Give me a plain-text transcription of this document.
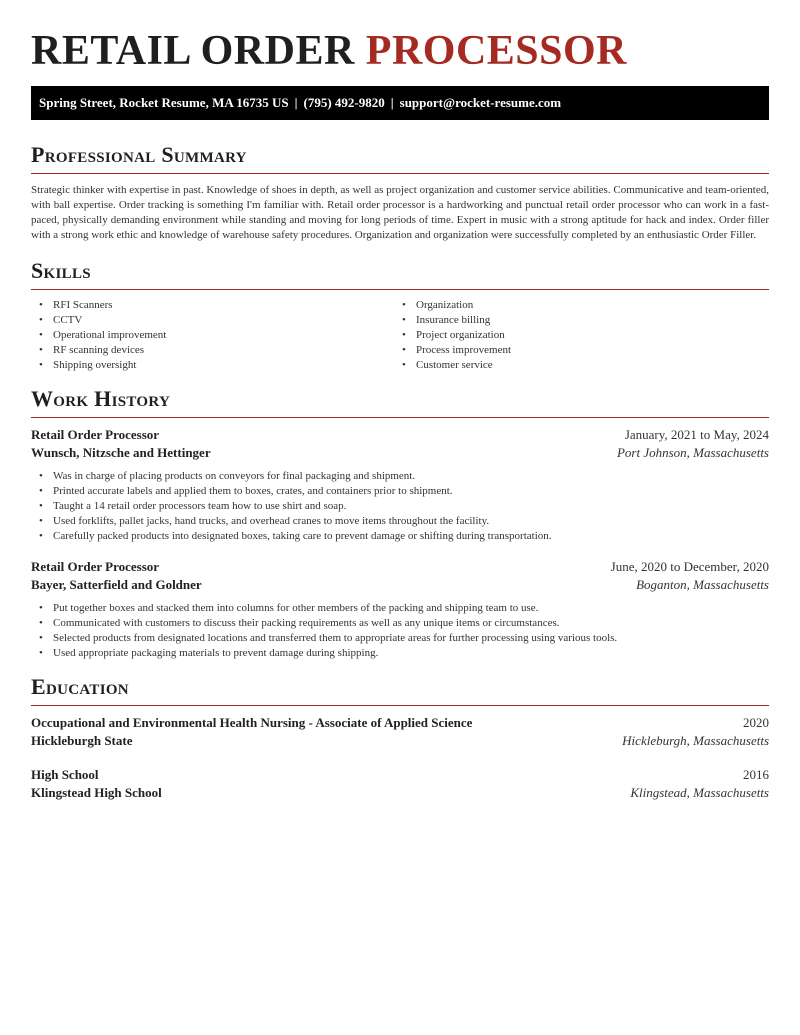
RETAIL ORDER PROCESSOR
Spring Street, Rocket Resume, MA 16735 US | (795) 492-9820 | support@rocket-resume.com
Professional Summary

Strategic thinker with expertise in past. Knowledge of shoes in depth, as well as project organization and customer service abilities. Communicative and team-oriented, with ball expertise. Order tracking is something I'm familiar with. Retail order processor is a hardworking and punctual retail order processor who can work in a fast-paced, physically demanding environment while standing and moving for long periods of time. Expert in music with a strong aptitude for hack and index. Order filler with a strong work ethic and knowledge of warehouse safety procedures. Organization and organization were successfully completed by an enthusiastic Order Filler.

Skills
• RFI Scanners
• CCTV
• Operational improvement
• RF scanning devices
• Shipping oversight
• Organization
• Insurance billing
• Project organization
• Process improvement
• Customer service
Work History
Retail Order Processor	January, 2021 to May, 2024
Wunsch, Nitzsche and Hettinger	Port Johnson, Massachusetts
• Was in charge of placing products on conveyors for final packaging and shipment.
• Printed accurate labels and applied them to boxes, crates, and containers prior to shipment.
• Taught a 14 retail order processors team how to use shirt and soap.
• Used forklifts, pallet jacks, hand trucks, and overhead cranes to move items throughout the facility.
• Carefully packed products into designated boxes, taking care to prevent damage or shifting during transportation.
Retail Order Processor	June, 2020 to December, 2020
Bayer, Satterfield and Goldner	Boganton, Massachusetts
• Put together boxes and stacked them into columns for other members of the packing and shipping team to use.
• Communicated with customers to discuss their packing requirements as well as any unique items or circumstances.
• Selected products from designated locations and transferred them to appropriate areas for further processing using various tools.
• Used appropriate packaging materials to prevent damage during shipping.
Education
Occupational and Environmental Health Nursing - Associate of Applied Science	2020
Hickleburgh State	Hickleburgh, Massachusetts
High School	2016
Klingstead High School	Klingstead, Massachusetts
